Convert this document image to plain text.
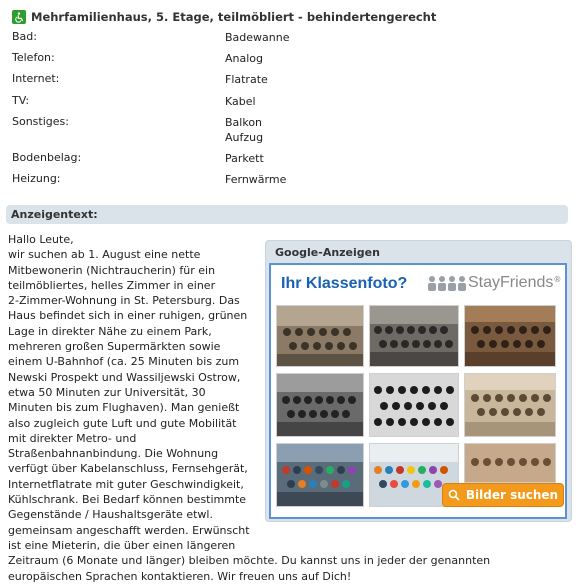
Mehrfamilienhaus, 5. Etage, teilmöbliert - behindertengerecht
Bad:	Badewanne
Telefon:	Analog
Internet:	Flatrate
TV:	Kabel
Sonstiges:	Balkon
Aufzug
Bodenbelag:	Parkett
Heizung:	Fernwärme
Anzeigentext:
Hallo Leute,
wir suchen ab 1. August eine nette
Mitbewonerin (Nichtraucherin) für ein
teilmöbliertes, helles Zimmer in einer
2-Zimmer-Wohnung in St. Petersburg. Das
Haus befindet sich in einer ruhigen, grünen
Lage in direkter Nähe zu einem Park,
mehreren großen Supermärkten sowie
einem U-Bahnhof (ca. 25 Minuten bis zum
Newski Prospekt und Wassiljewski Ostrow,
etwa 50 Minuten zur Universität, 30
Minuten bis zum Flughaven). Man genießt
also zugleich gute Luft und gute Mobilität
mit direkter Metro- und
Straßenbahnanbindung. Die Wohnung
verfügt über Kabelanschluss, Fernsehgerät,
Internetflatrate mit guter Geschwindigkeit,
Kühlschrank. Bei Bedarf können bestimmte
Gegenstände / Haushaltsgeräte etwl.
gemeinsam angeschafft werden. Erwünscht
ist eine Mieterin, die über einen längeren
Zeitraum (6 Monate und länger) bleiben möchte. Du kannst uns in jeder der genannten
europäischen Sprachen kontaktieren. Wir freuen uns auf Dich!
Google-Anzeigen
Ihr Klassenfoto?	StayFriends ®
Bilder suchen
